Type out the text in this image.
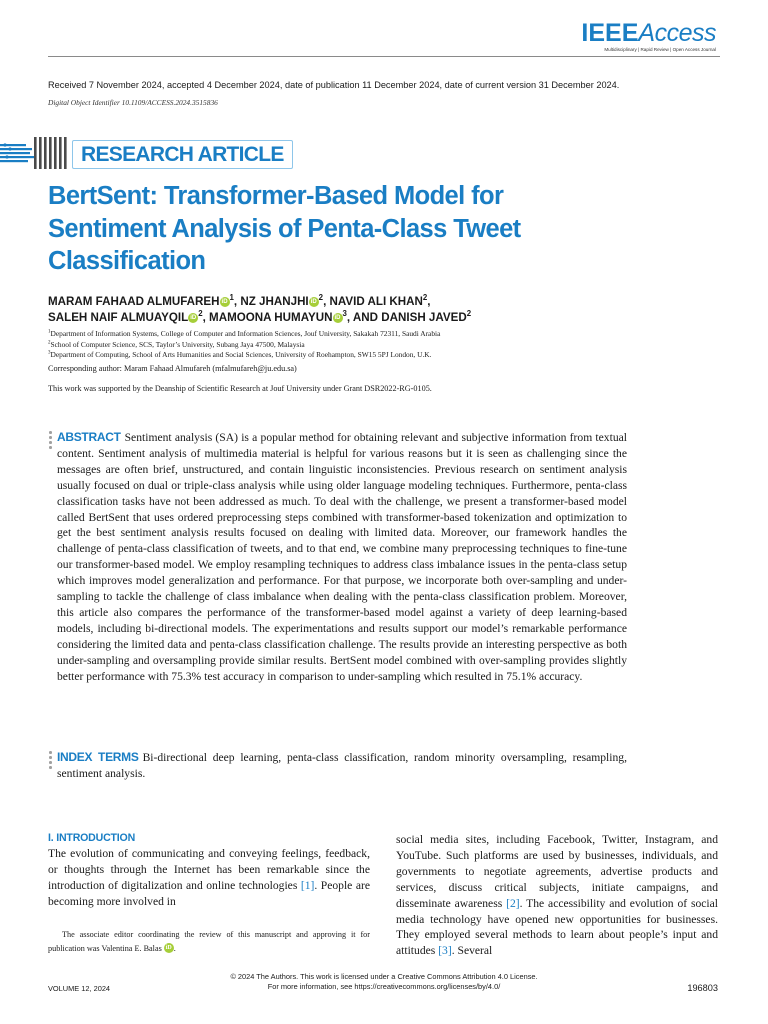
IEEEAccess
Multidisciplinary | Rapid Review | Open Access Journal
Received 7 November 2024, accepted 4 December 2024, date of publication 11 December 2024, date of current version 31 December 2024.
Digital Object Identifier 10.1109/ACCESS.2024.3515836
RESEARCH ARTICLE
BertSent: Transformer-Based Model for Sentiment Analysis of Penta-Class Tweet Classification
MARAM FAHAAD ALMUFAREH iD $^1$, NZ JHANJHI iD $^2$, NAVID ALI KHAN$^2$,
SALEH NAIF ALMUAYQIL iD $^2$, MAMOONA HUMAYUN iD $^3$, AND DANISH JAVED$^2$
$^1$Department of Information Systems, College of Computer and Information Sciences, Jouf University, Sakakah 72311, Saudi Arabia
$^2$School of Computer Science, SCS, Taylor’s University, Subang Jaya 47500, Malaysia
$^3$Department of Computing, School of Arts Humanities and Social Sciences, University of Roehampton, SW15 5PJ London, U.K.
Corresponding author: Maram Fahaad Almufareh (mfalmufareh@ju.edu.sa)
This work was supported by the Deanship of Scientific Research at Jouf University under Grant DSR2022-RG-0105.
ABSTRACT Sentiment analysis (SA) is a popular method for obtaining relevant and subjective information from textual content. Sentiment analysis of multimedia material is helpful for various reasons but it is seen as challenging since the messages are often brief, unstructured, and contain linguistic inconsistencies. Previous research on sentiment analysis usually focused on dual or triple-class analysis while using older language modeling techniques. Furthermore, penta-class classification tasks have not been addressed as much. To deal with the challenge, we present a transformer-based model called BertSent that uses ordered preprocessing steps combined with transformer-based tokenization and optimization to get the best sentiment analysis results focused on dealing with limited data. Moreover, our framework handles the challenge of penta-class classification of tweets, and to that end, we combine many preprocessing techniques to fine-tune our transformer-based model. We employ resampling techniques to address class imbalance issues in the penta-class setup which improves model generalization and performance. For that purpose, we incorporate both over-sampling and under-sampling to tackle the challenge of class imbalance when dealing with the penta-class classification problem. Moreover, this article also compares the performance of the transformer-based model against a variety of deep learning-based models, including bi-directional models. The experimentations and results support our model’s remarkable performance considering the limited data and penta-class classification challenge. The results provide an interesting perspective as both under-sampling and oversampling provide similar results. BertSent model combined with over-sampling provides slightly better performance with 75.3% test accuracy in comparison to under-sampling which resulted in 75.1% accuracy.
INDEX TERMS Bi-directional deep learning, penta-class classification, random minority oversampling, resampling, sentiment analysis.
I. INTRODUCTION
The evolution of communicating and conveying feelings, feedback, or thoughts through the Internet has been remarkable since the introduction of digitalization and online technologies [1]. People are becoming more involved in
The associate editor coordinating the review of this manuscript and approving it for publication was Valentina E. Balas iD .
social media sites, including Facebook, Twitter, Instagram, and YouTube. Such platforms are used by businesses, individuals, and governments to negotiate agreements, advertise products and services, discuss critical subjects, initiate campaigns, and disseminate awareness [2]. The accessibility and evolution of social media technology have opened new opportunities for businesses. They employed several methods to learn about people’s input and attitudes [3]. Several
© 2024 The Authors. This work is licensed under a Creative Commons Attribution 4.0 License.
For more information, see https://creativecommons.org/licenses/by/4.0/
VOLUME 12, 2024	196803
